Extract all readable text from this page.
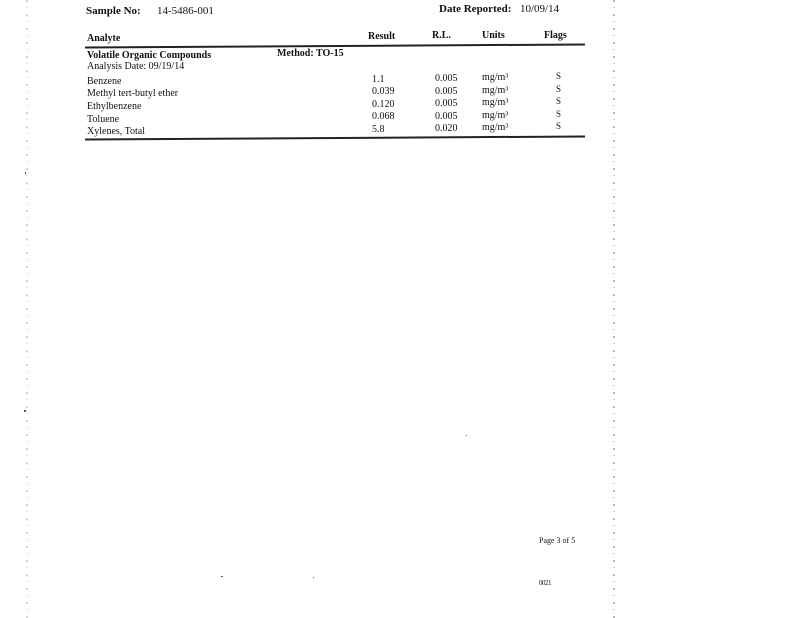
Sample No: 14-5486-001	Date Reported: 10/09/14
Analyte	Result	R.L.	Units	Flags
Volatile Organic Compounds	Method: TO-15
Analysis Date: 09/19/14
Benzene	1.1	0.005 mg/m³	S
Methyl tert-butyl ether	0.039	0.005 mg/m³	S
Ethylbenzene	0.120	0.005 mg/m³	S
Toluene	0.068	0.005 mg/m³	S
Xylenes, Total	5.8	0.020 mg/m³	S
Page 3 of 5
0021
